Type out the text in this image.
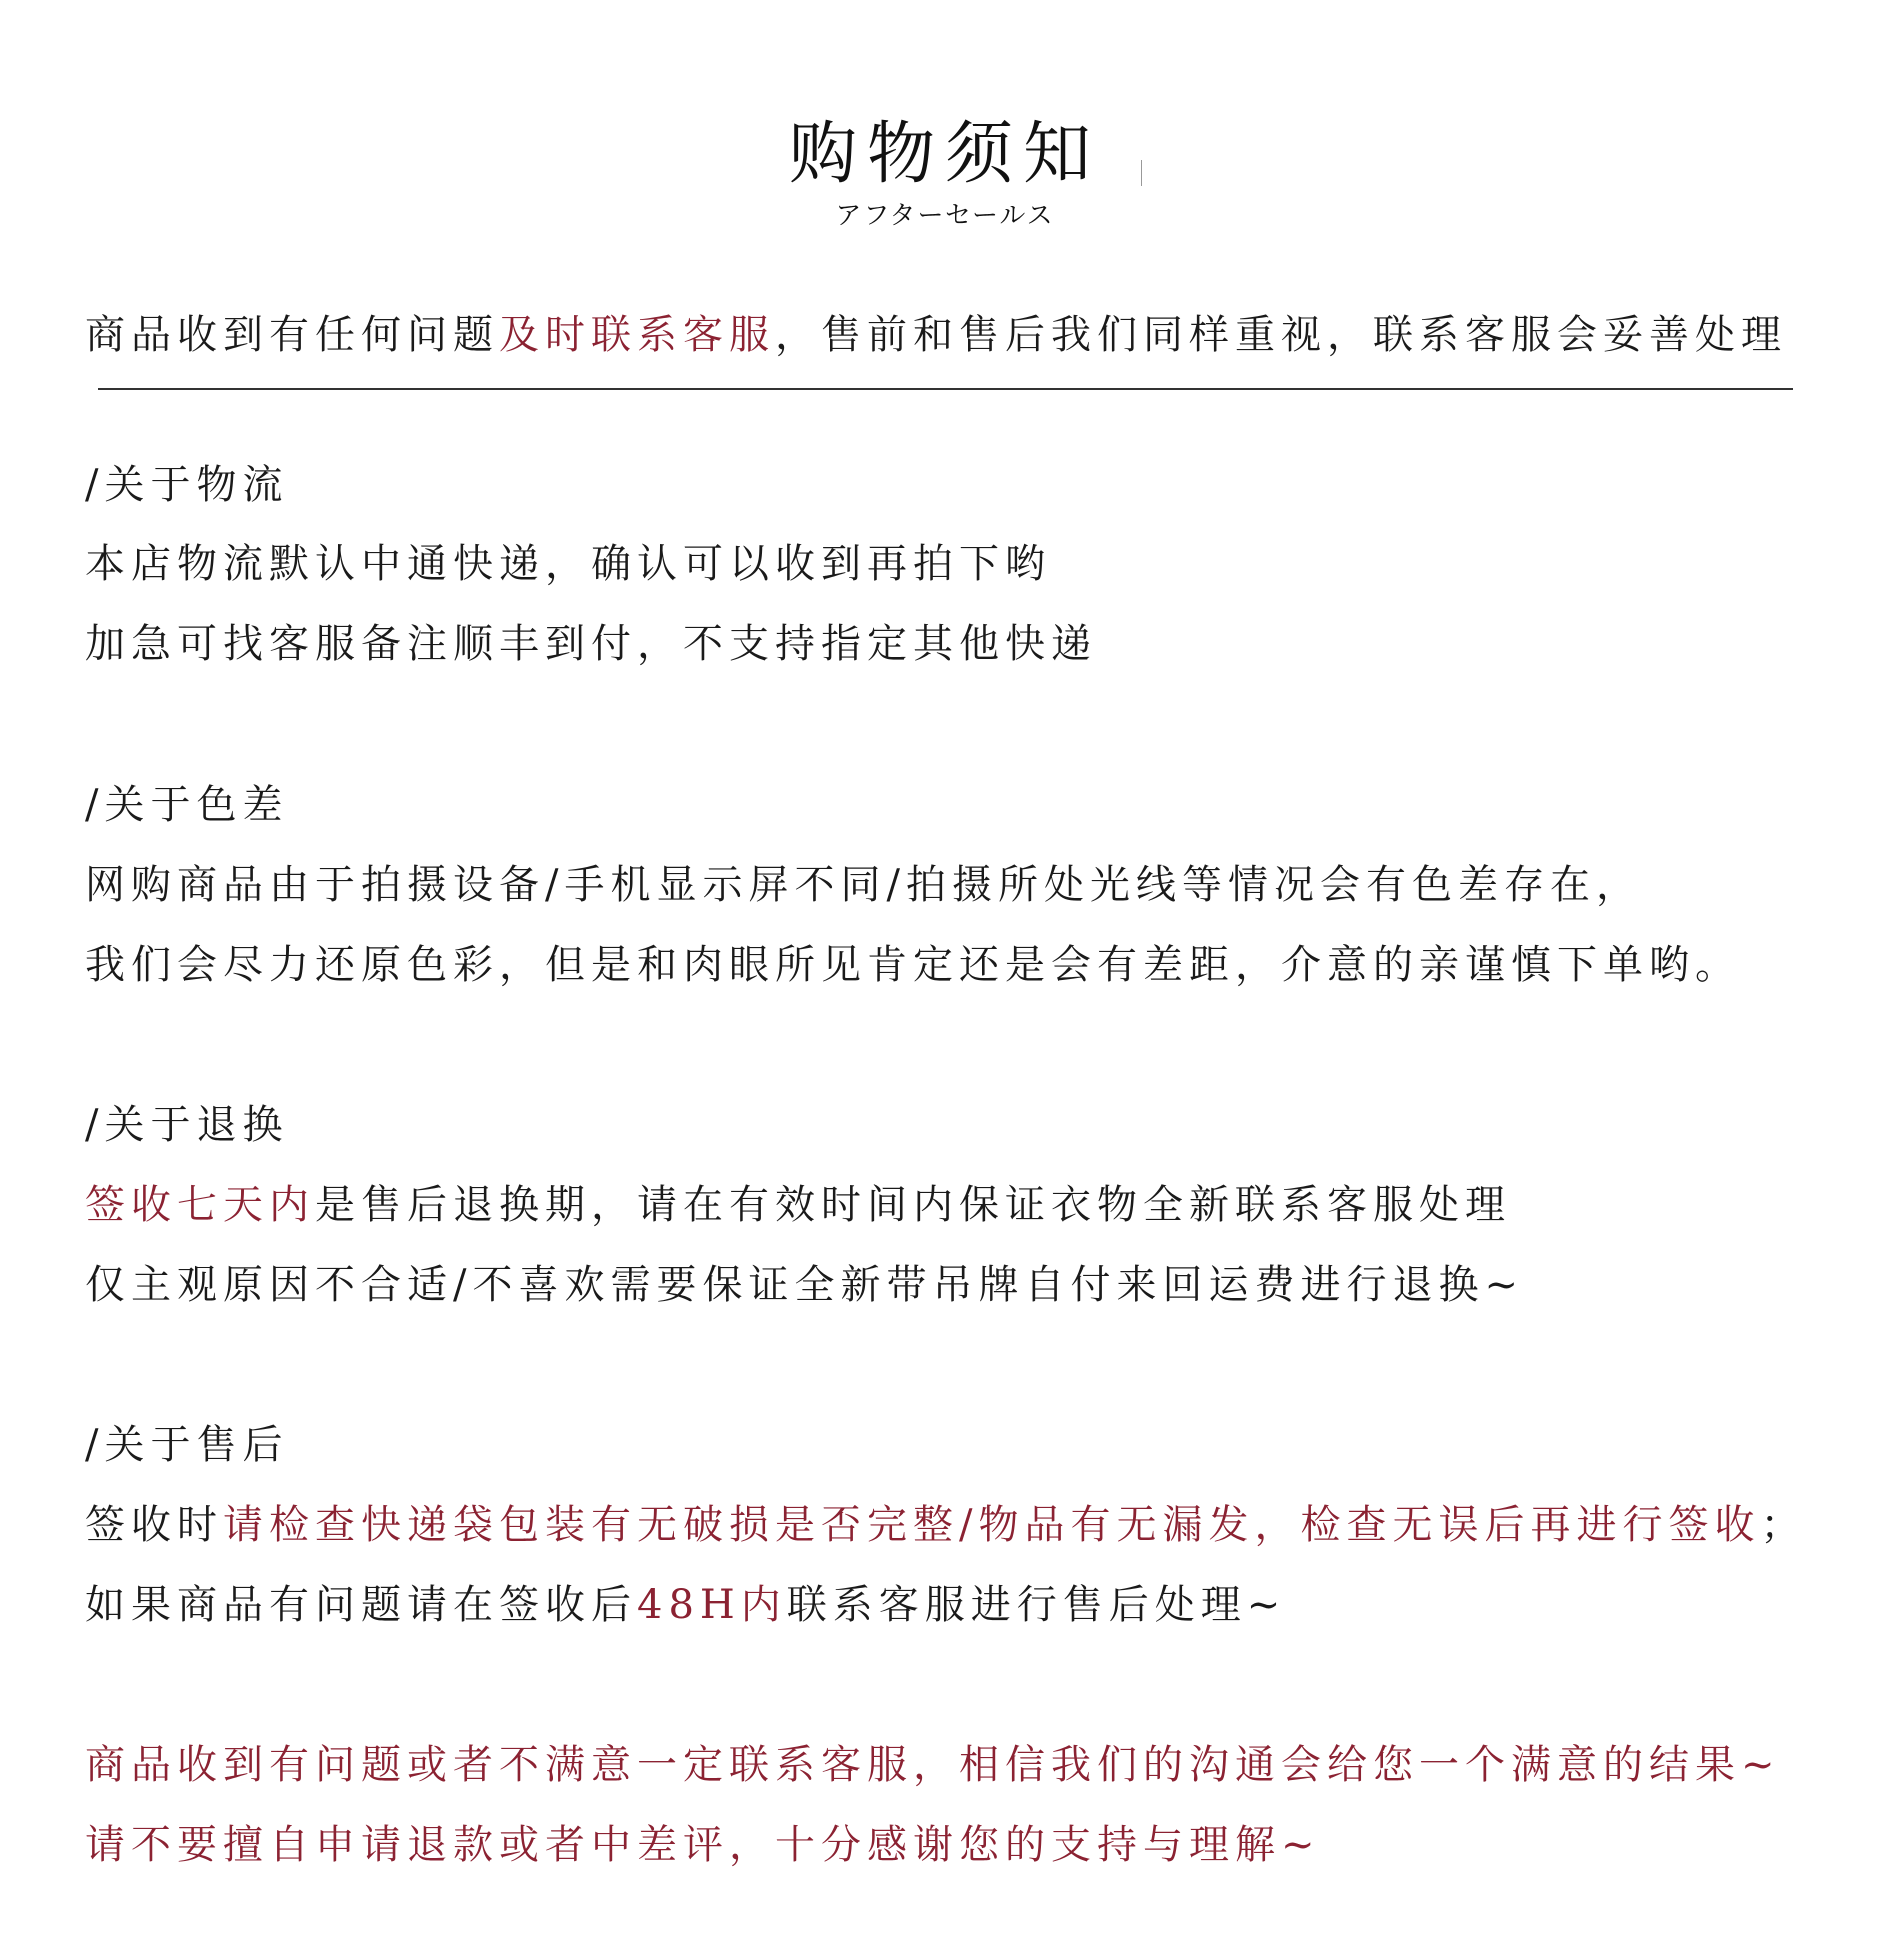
购物须知
アフターセールス
商品收到有任何问题及时联系客服，售前和售后我们同样重视，联系客服会妥善处理
/关于物流
本店物流默认中通快递，确认可以收到再拍下哟
加急可找客服备注顺丰到付，不支持指定其他快递
/关于色差
网购商品由于拍摄设备/手机显示屏不同/拍摄所处光线等情况会有色差存在，
我们会尽力还原色彩，但是和肉眼所见肯定还是会有差距，介意的亲谨慎下单哟。
/关于退换
签收七天内是售后退换期，请在有效时间内保证衣物全新联系客服处理
仅主观原因不合适/不喜欢需要保证全新带吊牌自付来回运费进行退换~
/关于售后
签收时请检查快递袋包装有无破损是否完整/物品有无漏发，检查无误后再进行签收；
如果商品有问题请在签收后48H内联系客服进行售后处理~
商品收到有问题或者不满意一定联系客服，相信我们的沟通会给您一个满意的结果~
请不要擅自申请退款或者中差评，十分感谢您的支持与理解~
